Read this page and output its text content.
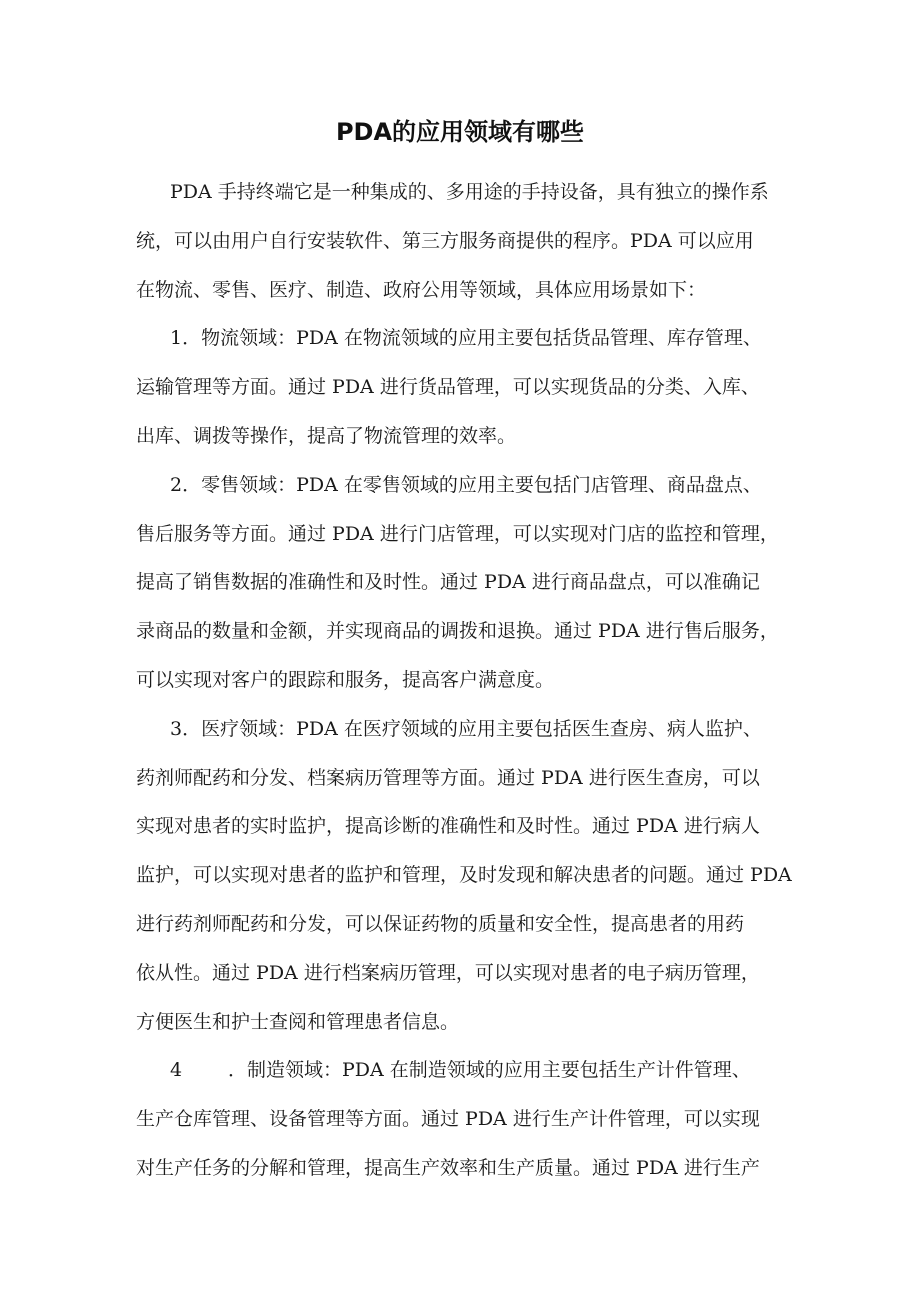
PDA的应用领域有哪些
PDA 手持终端它是一种集成的、多用途的手持设备，具有独立的操作系
统，可以由用户自行安装软件、第三方服务商提供的程序。PDA 可以应用
在物流、零售、医疗、制造、政府公用等领域，具体应用场景如下：
1．物流领域：PDA 在物流领域的应用主要包括货品管理、库存管理、
运输管理等方面。通过 PDA 进行货品管理，可以实现货品的分类、入库、
出库、调拨等操作，提高了物流管理的效率。
2．零售领域：PDA 在零售领域的应用主要包括门店管理、商品盘点、
售后服务等方面。通过 PDA 进行门店管理，可以实现对门店的监控和管理，
提高了销售数据的准确性和及时性。通过 PDA 进行商品盘点，可以准确记
录商品的数量和金额，并实现商品的调拨和退换。通过 PDA 进行售后服务，
可以实现对客户的跟踪和服务，提高客户满意度。
3．医疗领域：PDA 在医疗领域的应用主要包括医生查房、病人监护、
药剂师配药和分发、档案病历管理等方面。通过 PDA 进行医生查房，可以
实现对患者的实时监护，提高诊断的准确性和及时性。通过 PDA 进行病人
监护，可以实现对患者的监护和管理，及时发现和解决患者的问题。通过 PDA
进行药剂师配药和分发，可以保证药物的质量和安全性，提高患者的用药
依从性。通过 PDA 进行档案病历管理，可以实现对患者的电子病历管理，
方便医生和护士查阅和管理患者信息。
4 ．制造领域：PDA 在制造领域的应用主要包括生产计件管理、
生产仓库管理、设备管理等方面。通过 PDA 进行生产计件管理，可以实现
对生产任务的分解和管理，提高生产效率和生产质量。通过 PDA 进行生产
